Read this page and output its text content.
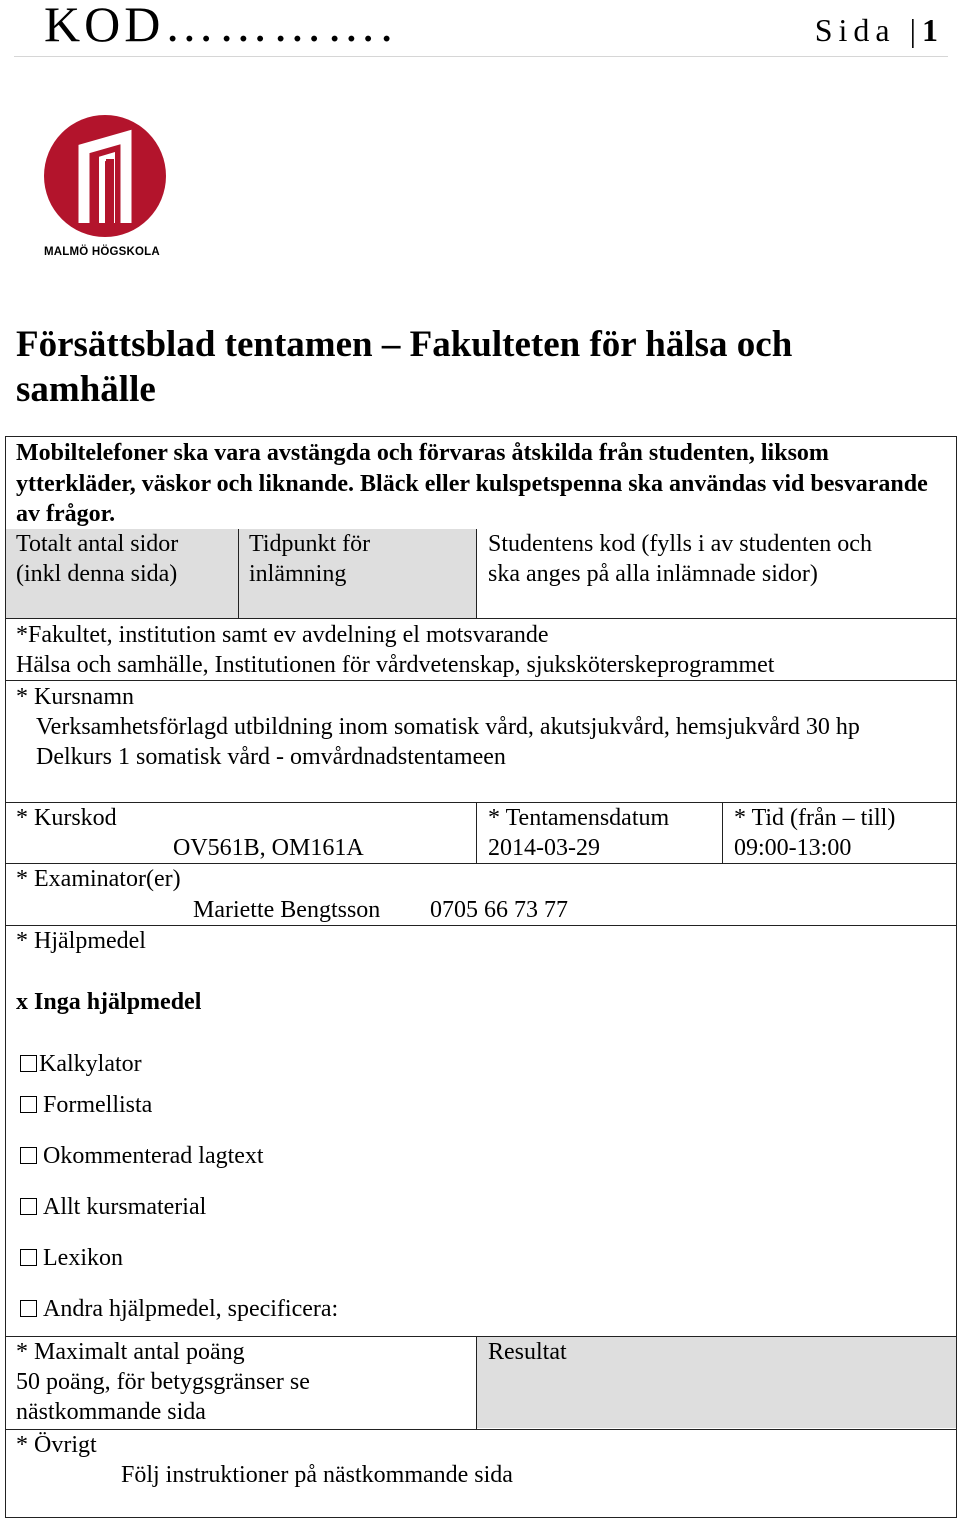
KOD………….	Sida |1
MALMÖ HÖGSKOLA
Försättsblad tentamen – Fakulteten för hälsa och samhälle
Mobiltelefoner ska vara avstängda och förvaras åtskilda från studenten, liksom ytterkläder, väskor och liknande. Bläck eller kulspetspenna ska användas vid besvarande av frågor.
Totalt antal sidor
(inkl denna sida)
Tidpunkt för
inlämning
Studentens kod (fylls i av studenten och
ska anges på alla inlämnade sidor)
*Fakultet, institution samt ev avdelning el motsvarande
Hälsa och samhälle, Institutionen för vårdvetenskap, sjuksköterskeprogrammet
* Kursnamn
Verksamhetsförlagd utbildning inom somatisk vård, akutsjukvård, hemsjukvård 30 hp
Delkurs 1 somatisk vård - omvårdnadstentameen
* Kurskod
OV561B, OM161A
* Tentamensdatum
2014-03-29
* Tid (från – till)
09:00-13:00
* Examinator(er)
Mariette Bengtsson 0705 66 73 77
* Hjälpmedel
x Inga hjälpmedel
Kalkylator
Formellista
Okommenterad lagtext
Allt kursmaterial
Lexikon
Andra hjälpmedel, specificera:
* Maximalt antal poäng
50 poäng, för betygsgränser se
nästkommande sida
Resultat
* Övrigt
Följ instruktioner på nästkommande sida
